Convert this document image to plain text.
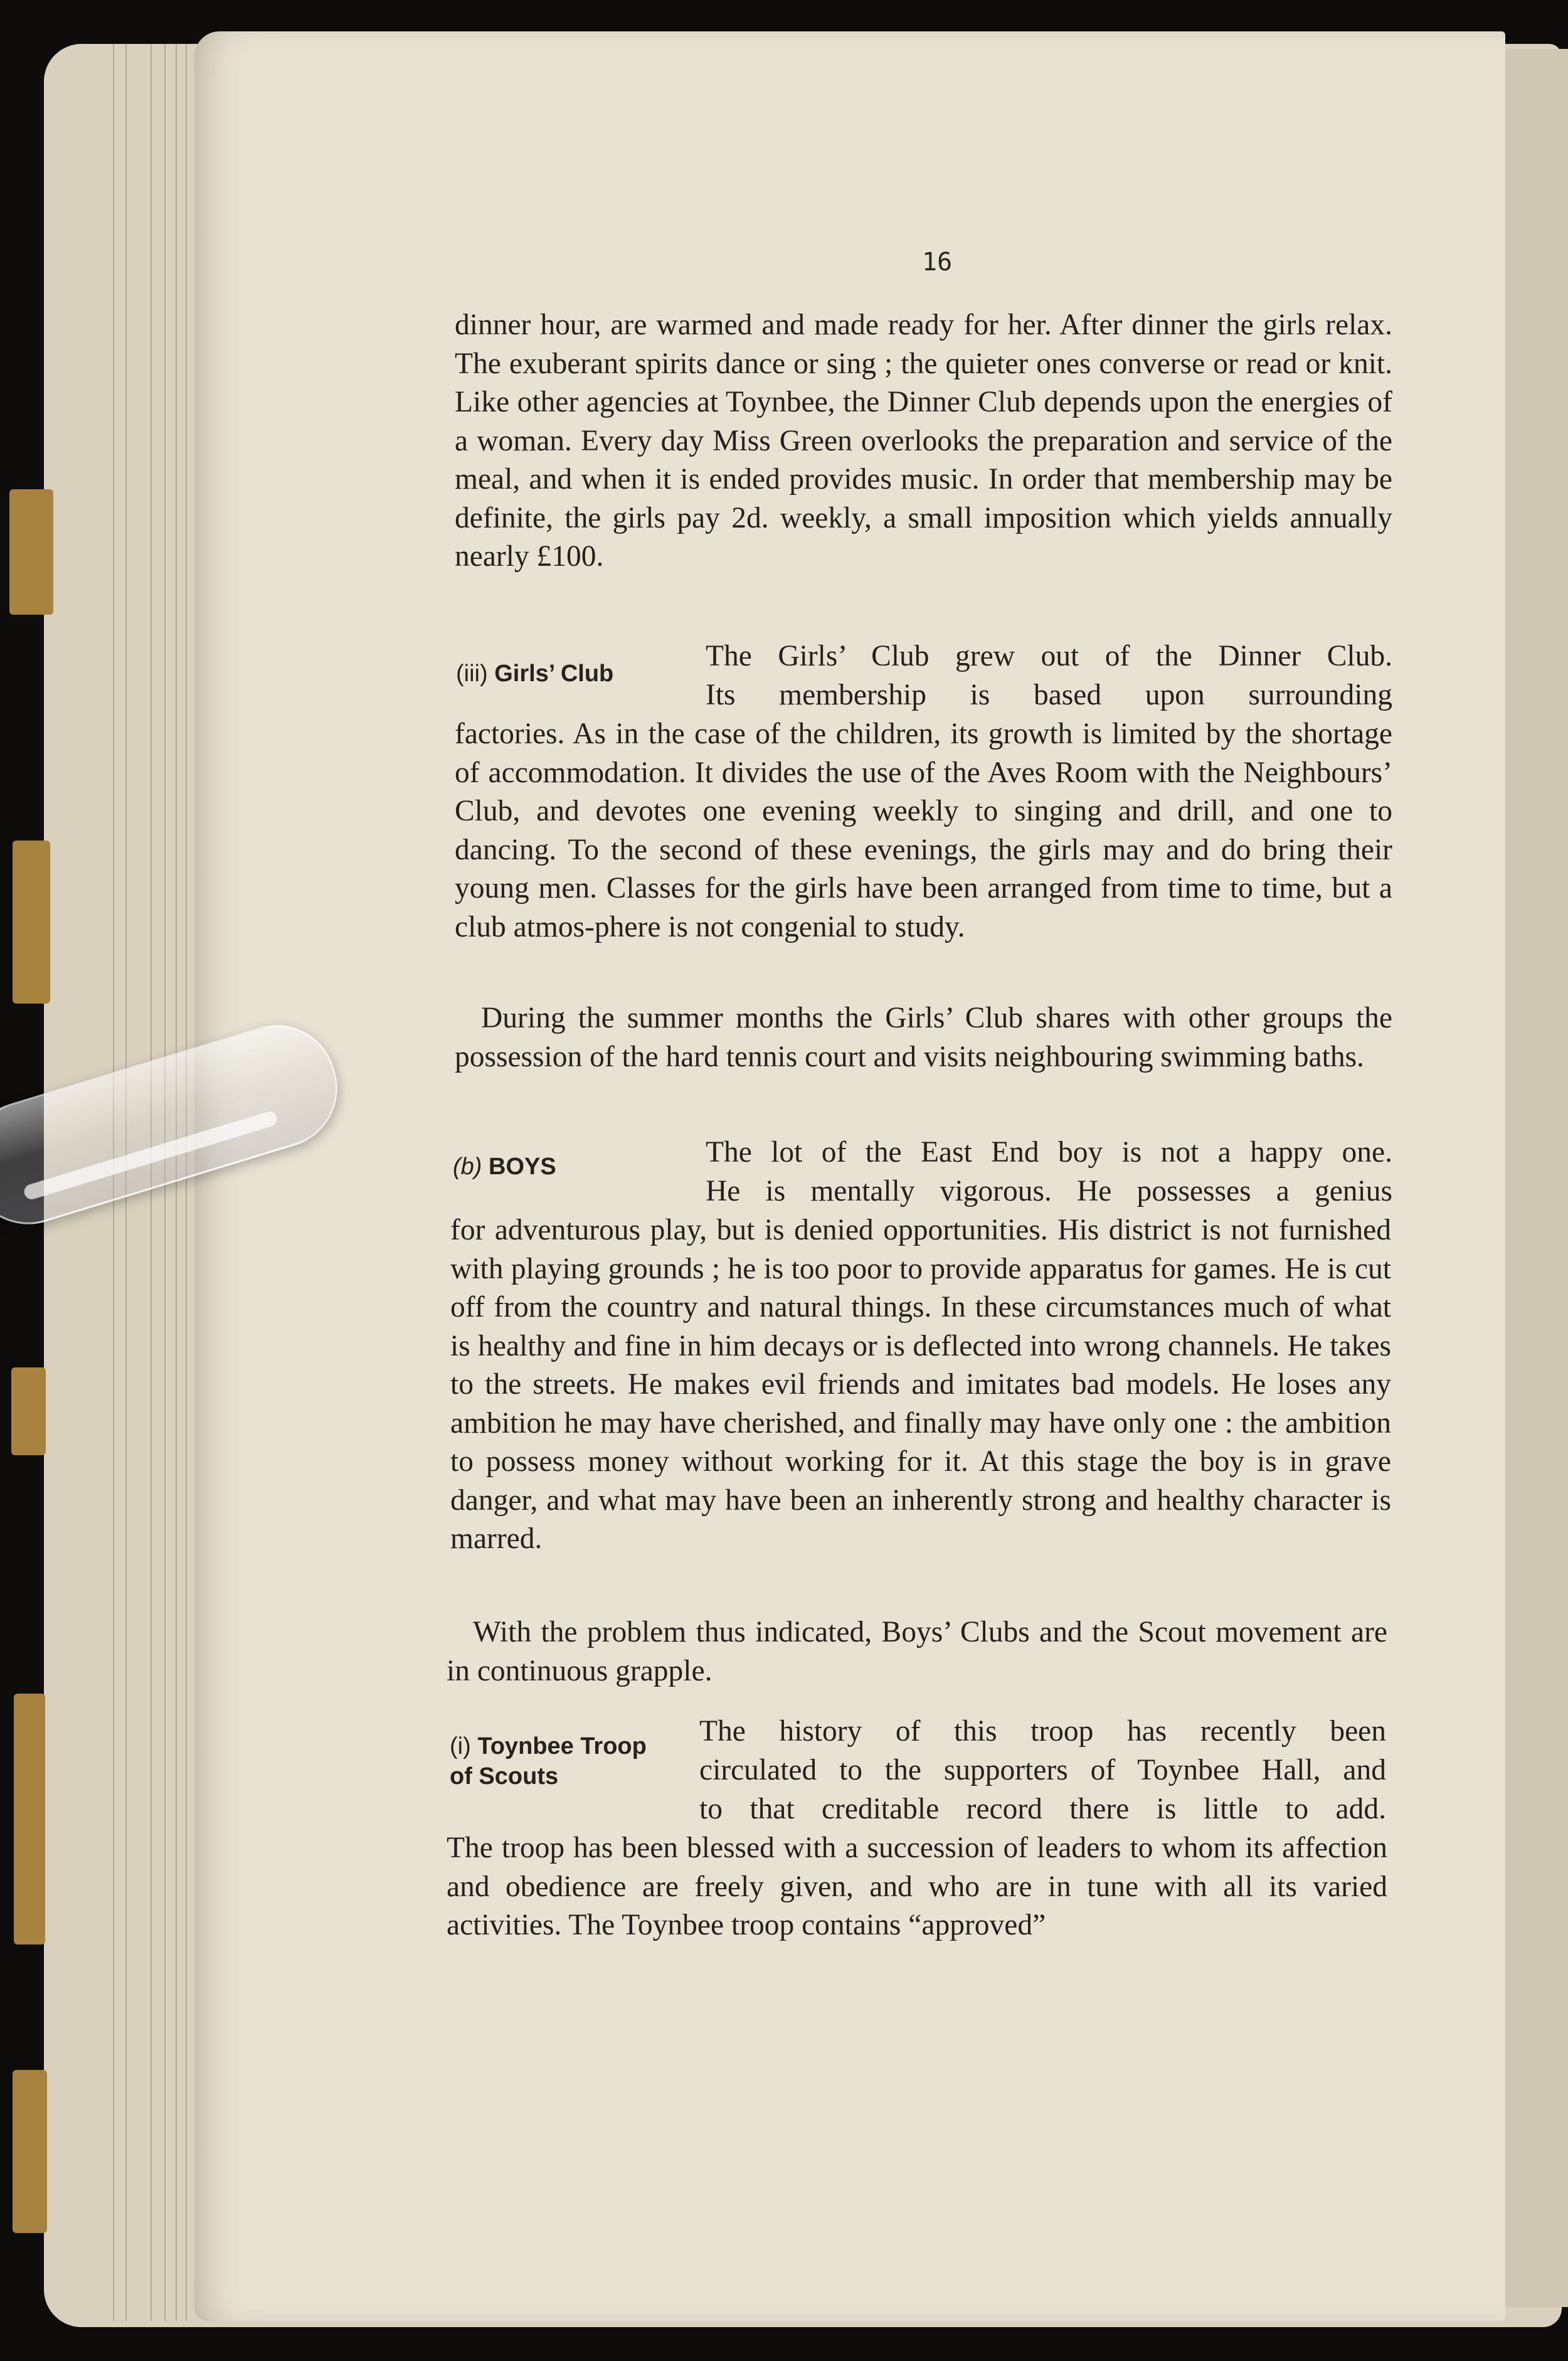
16

dinner hour, are warmed and made ready for her. After dinner the girls relax. The exuberant spirits dance or sing ; the quieter ones converse or read or knit. Like other agencies at Toynbee, the Dinner Club depends upon the energies of a woman. Every day Miss Green overlooks the preparation and service of the meal, and when it is ended provides music. In order that membership may be definite, the girls pay 2d. weekly, a small imposition which yields annually nearly £100.

(iii) Girls’ Club

The Girls’ Club grew out of the Dinner Club.

Its membership is based upon surrounding

factories. As in the case of the children, its growth is limited by the shortage of accommodation. It divides the use of the Aves Room with the Neighbours’ Club, and devotes one evening weekly to singing and drill, and one to dancing. To the second of these evenings, the girls may and do bring their young men. Classes for the girls have been arranged from time to time, but a club atmos-phere is not congenial to study.

During the summer months the Girls’ Club shares with other groups the possession of the hard tennis court and visits neighbouring swimming baths.

(b) BOYS	The lot of the East End boy is not a happy one.

He is mentally vigorous. He possesses a genius

for adventurous play, but is denied opportunities. His district is not furnished with playing grounds ; he is too poor to provide apparatus for games. He is cut off from the country and natural things. In these circumstances much of what is healthy and fine in him decays or is deflected into wrong channels. He takes to the streets. He makes evil friends and imitates bad models. He loses any ambition he may have cherished, and finally may have only one : the ambition to possess money without working for it. At this stage the boy is in grave danger, and what may have been an inherently strong and healthy character is marred.

With the problem thus indicated, Boys’ Clubs and the Scout movement are in continuous grapple.

(i) Toynbee Troop
of Scouts

The history of this troop has recently been

circulated to the supporters of Toynbee Hall, and

to that creditable record there is little to add.

The troop has been blessed with a succession of leaders to whom its affection and obedience are freely given, and who are in tune with all its varied activities. The Toynbee troop contains “approved”
